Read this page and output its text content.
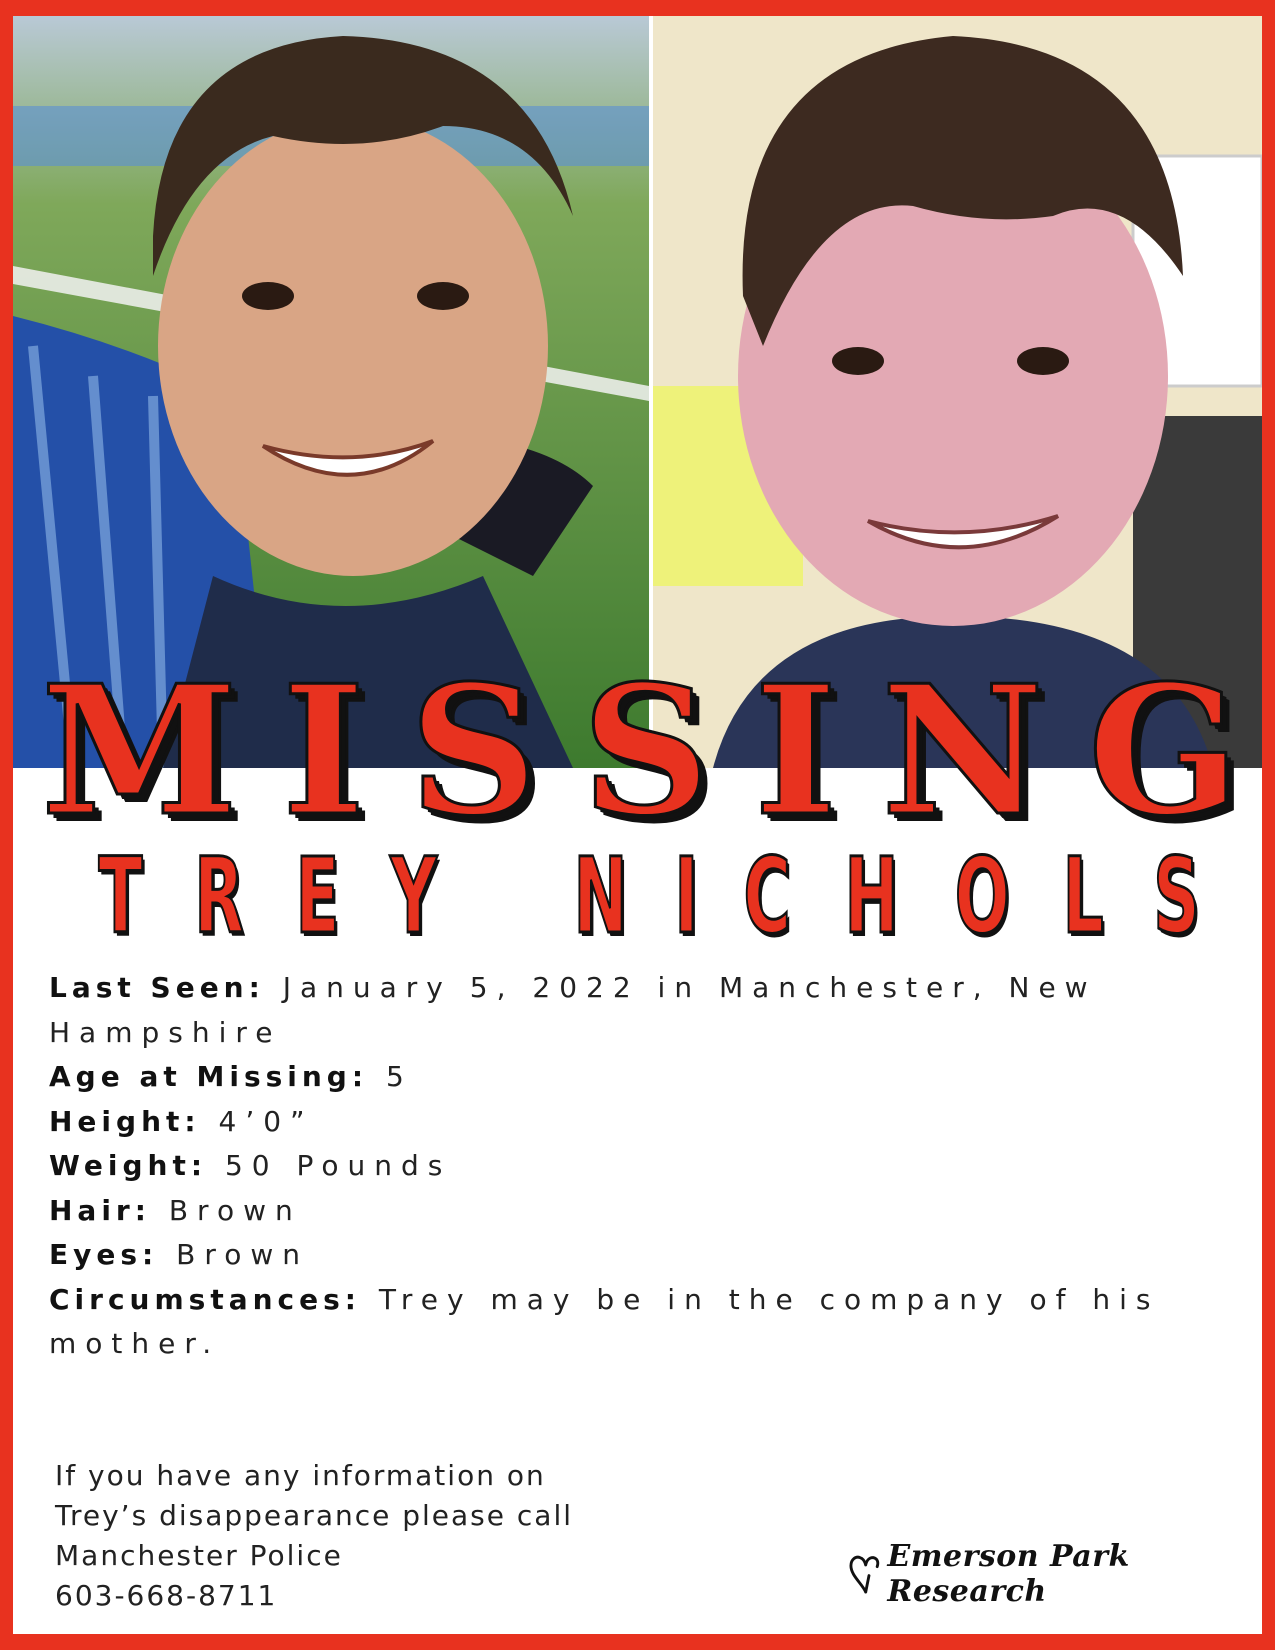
M I S S I N G
T R E Y N I C H O L S
Last Seen: January 5, 2022 in Manchester, New Hampshire
Age at Missing: 5
Height: 4’0”
Weight: 50 Pounds
Hair: Brown
Eyes: Brown
Circumstances: Trey may be in the company of his mother.
If you have any information on
Trey’s disappearance please call
Manchester Police
603-668-8711
Emerson Park Research
